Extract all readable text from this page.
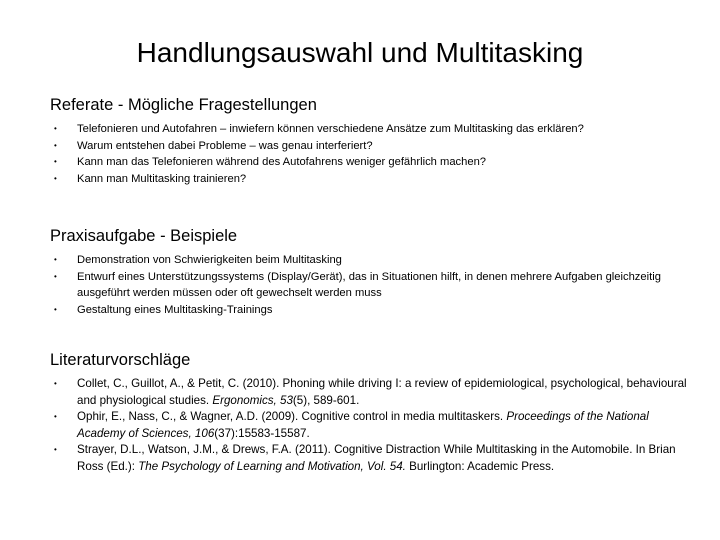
Handlungsauswahl und Multitasking
Referate - Mögliche Fragestellungen
• Telefonieren und Autofahren – inwiefern können verschiedene Ansätze zum Multitasking das erklären?
• Warum entstehen dabei Probleme – was genau interferiert?
• Kann man das Telefonieren während des Autofahrens weniger gefährlich machen?
• Kann man Multitasking trainieren?
Praxisaufgabe - Beispiele
• Demonstration von Schwierigkeiten beim Multitasking
• Entwurf eines Unterstützungssystems (Display/Gerät), das in Situationen hilft, in denen mehrere Aufgaben gleichzeitig ausgeführt werden müssen oder oft gewechselt werden muss
• Gestaltung eines Multitasking-Trainings
Literaturvorschläge
• Collet, C., Guillot, A., & Petit, C. (2010). Phoning while driving I: a review of epidemiological, psychological, behavioural and physiological studies. Ergonomics, 53(5), 589-601.
• Ophir, E., Nass, C., & Wagner, A.D. (2009). Cognitive control in media multitaskers. Proceedings of the National Academy of Sciences, 106(37):15583-15587.
• Strayer, D.L., Watson, J.M., & Drews, F.A. (2011). Cognitive Distraction While Multitasking in the Automobile. In Brian Ross (Ed.): The Psychology of Learning and Motivation, Vol. 54. Burlington: Academic Press.
